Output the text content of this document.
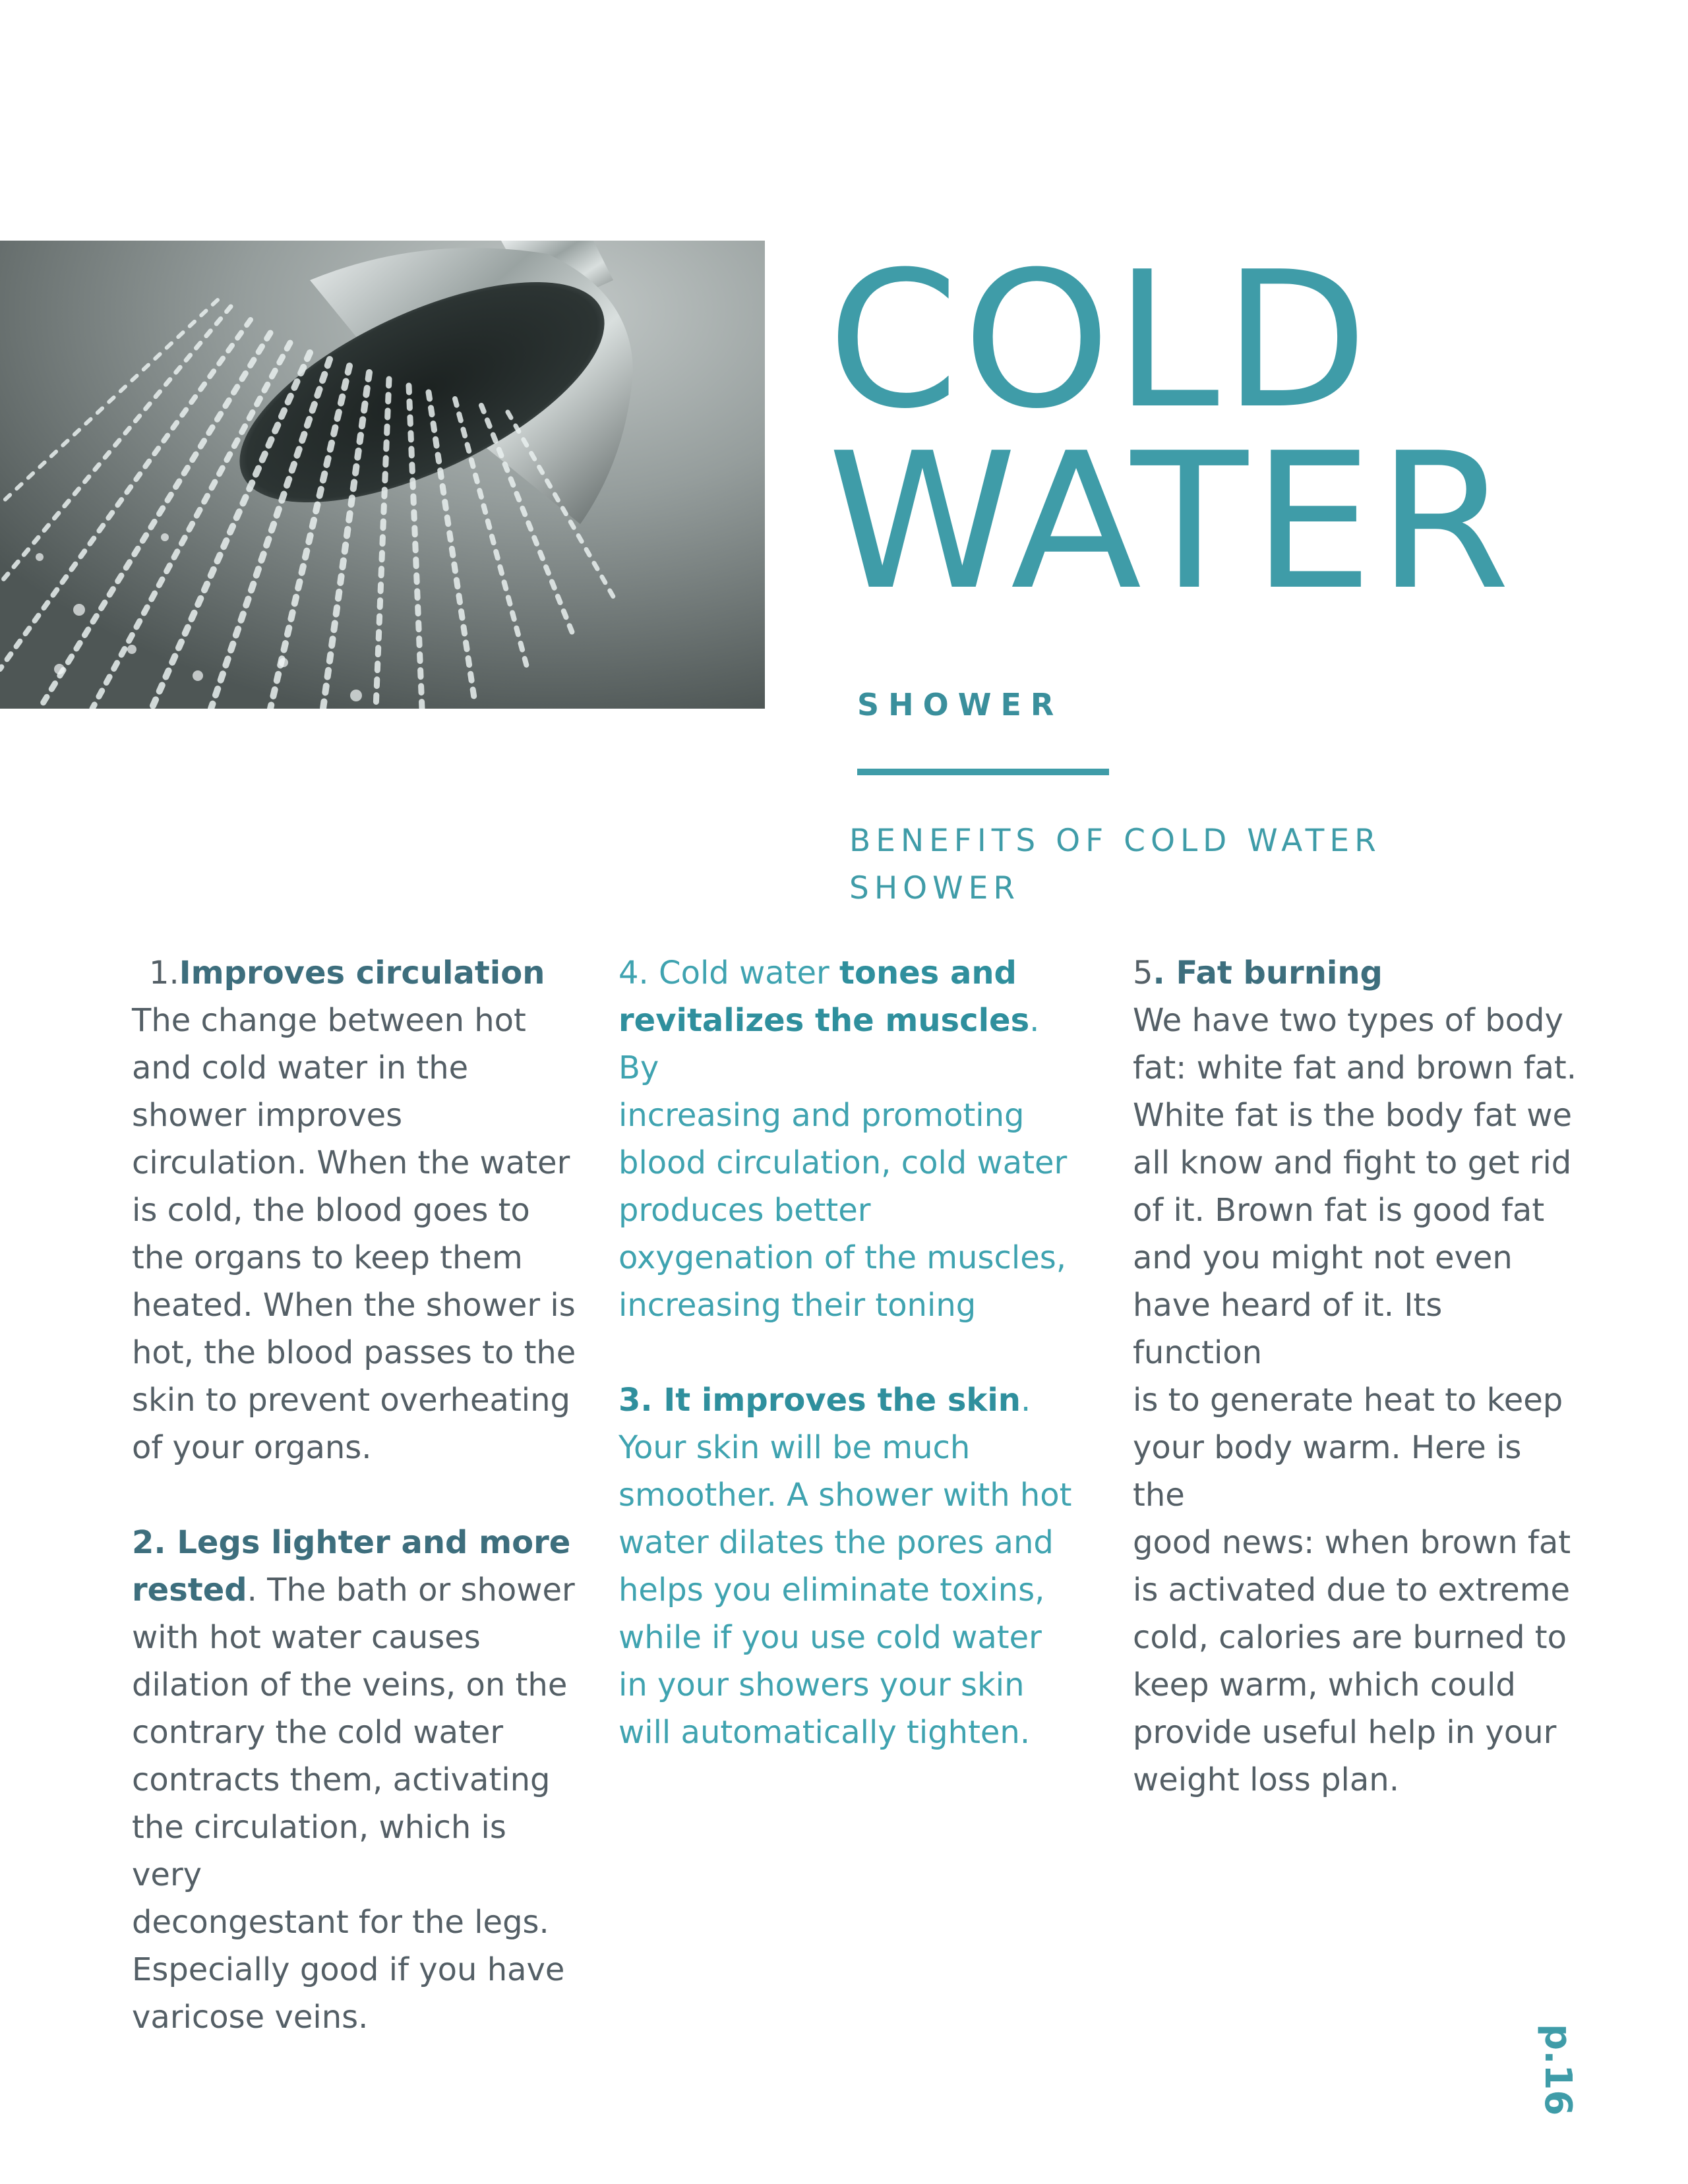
COLD
WATER
SHOWER
BENEFITS OF COLD WATER
SHOWER

1.Improves circulation

The change between hot

and cold water in the

shower improves

circulation. When the water

is cold, the blood goes to

the organs to keep them

heated. When the shower is

hot, the blood passes to the

skin to prevent overheating

of your organs.

2. Legs lighter and more

rested. The bath or shower

with hot water causes

dilation of the veins, on the

contrary the cold water

contracts them, activating

the circulation, which is very

decongestant for the legs.

Especially good if you have

varicose veins.

4. Cold water tones and

revitalizes the muscles. By

increasing and promoting

blood circulation, cold water

produces better

oxygenation of the muscles,

increasing their toning

3. It improves the skin.

Your skin will be much

smoother. A shower with hot

water dilates the pores and

helps you eliminate toxins,

while if you use cold water

in your showers your skin

will automatically tighten.

5. Fat burning

We have two types of body

fat: white fat and brown fat.

White fat is the body fat we

all know and fight to get rid

of it. Brown fat is good fat

and you might not even

have heard of it. Its function

is to generate heat to keep

your body warm. Here is the

good news: when brown fat

is activated due to extreme

cold, calories are burned to

keep warm, which could

provide useful help in your

weight loss plan.

p.16
